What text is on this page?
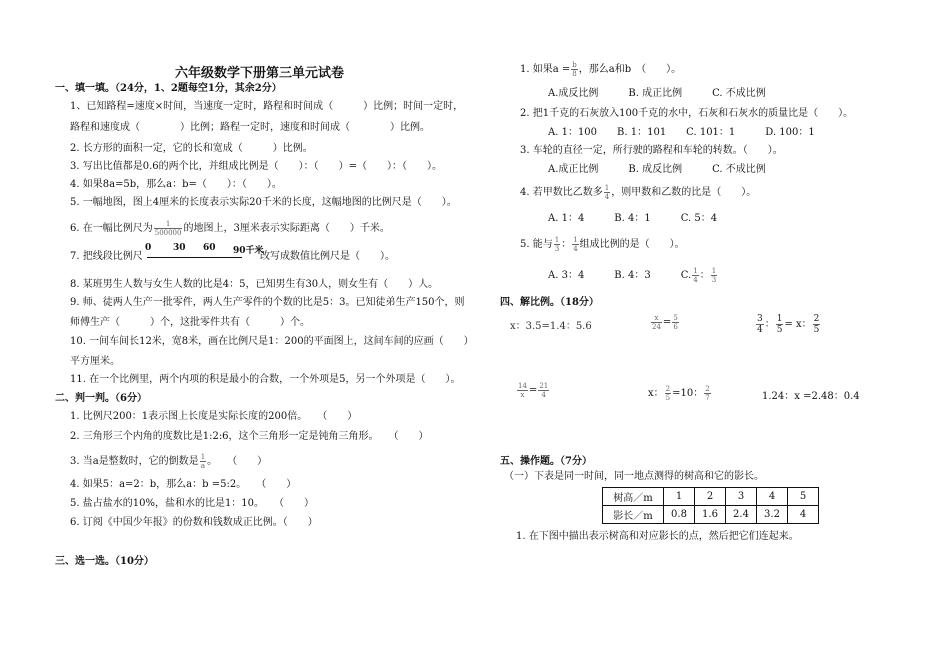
六年级数学下册第三单元试卷
一、填一填。（24分，1、2题每空1分，其余2分）
1、已知路程=速度×时间，当速度一定时，路程和时间成（　　　）比例；时间一定时，
路程和速度成（　　　　）比例；路程一定时，速度和时间成（　　　　）比例。
2. 长方形的面积一定，它的长和宽成（　　　）比例。
3. 写出比值都是0.6的两个比，并组成比例是（　　）：（　　）=（　　）：（　　）。
4. 如果8a=5b，那么a：b=（　　）：（　　）。
5. 一幅地图，图上4厘米的长度表示实际20千米的长度，这幅地图的比例尺是（　　）。
6. 在一幅比例尺为 $\frac{1}{500000}$ 的地图上，3厘米表示实际距离（　　）千米。
7. 把线段比例尺
0 30 60 90千米
改写成数值比例尺是（　　）。
8. 某班男生人数与女生人数的比是4：5，已知男生有30人，则女生有（　　）人。
9. 师、徒两人生产一批零件，两人生产零件的个数的比是5：3。已知徒弟生产150个，则
师傅生产（　　　）个，这批零件共有（　　　）个。
10. 一间车间长12米，宽8米，画在比例尺是1：200的平面图上，这间车间的应画（　　）
平方厘米。
11. 在一个比例里，两个内项的积是最小的合数，一个外项是5，另一个外项是（　　）。
二、判一判。（6分）
1. 比例尺200：1表示图上长度是实际长度的200倍。　　（　　）
2. 三角形三个内角的度数比是1:2:6，这个三角形一定是钝角三角形。　　（　　）
3. 当a是整数时，它的倒数是 $\frac{1}{a}$ 。　　（　　）
4. 如果5：a=2：b，那么a：b =5:2。　　（　　）
5. 盐占盐水的10%，盐和水的比是1：10。　　（　　）
6. 订阅《中国少年报》的份数和钱数成正比例。（　　）
三、选一选。（10分）
1. 如果$a = \frac{b}{8}$ ，那么a和b　（　　）。
A.成反比例　　　B. 成正比例　　　C. 不成比例
2. 把1千克的石灰放入100千克的水中，石灰和石灰水的质量比是（　　）。
A. 1：100　　B. 1：101　　C. 101：1　　　D. 100：1
3. 车轮的直径一定，所行驶的路程和车轮的转数。（　　）。
A.成正比例　　　B. 成反比例　　　C. 不成比例
4. 若甲数比乙数多 $\frac{1}{4}$ ，则甲数和乙数的比是（　　）。
A. 1：4　　　B. 4：1　　　C. 5：4
5. 能与 $\frac{1}{3}$ ： $\frac{1}{4}$ 组成比例的是（　　）。
A. 3：4　　　B. 4：3　　　C. $\frac{1}{4}$ ： $\frac{1}{3}$
四、解比例。（18分）
x：3.5=1.4：5.6	$\frac{x}{24} = \frac{5}{6}$	$\frac{3}{4}$ ： $\frac{1}{5} = x$： $\frac{2}{5}$
$\frac{14}{x} = \frac{21}{4}$	x： $\frac{2}{5} =10$： $\frac{2}{7}$	1.24：x =2.48：0.4
五、操作题。（7分）
（一）下表是同一时间，同一地点测得的树高和它的影长。
树高／m	1	2	3	4	5
影长／m	0.8	1.6	2.4	3.2	4
1. 在下图中描出表示树高和对应影长的点，然后把它们连起来。
